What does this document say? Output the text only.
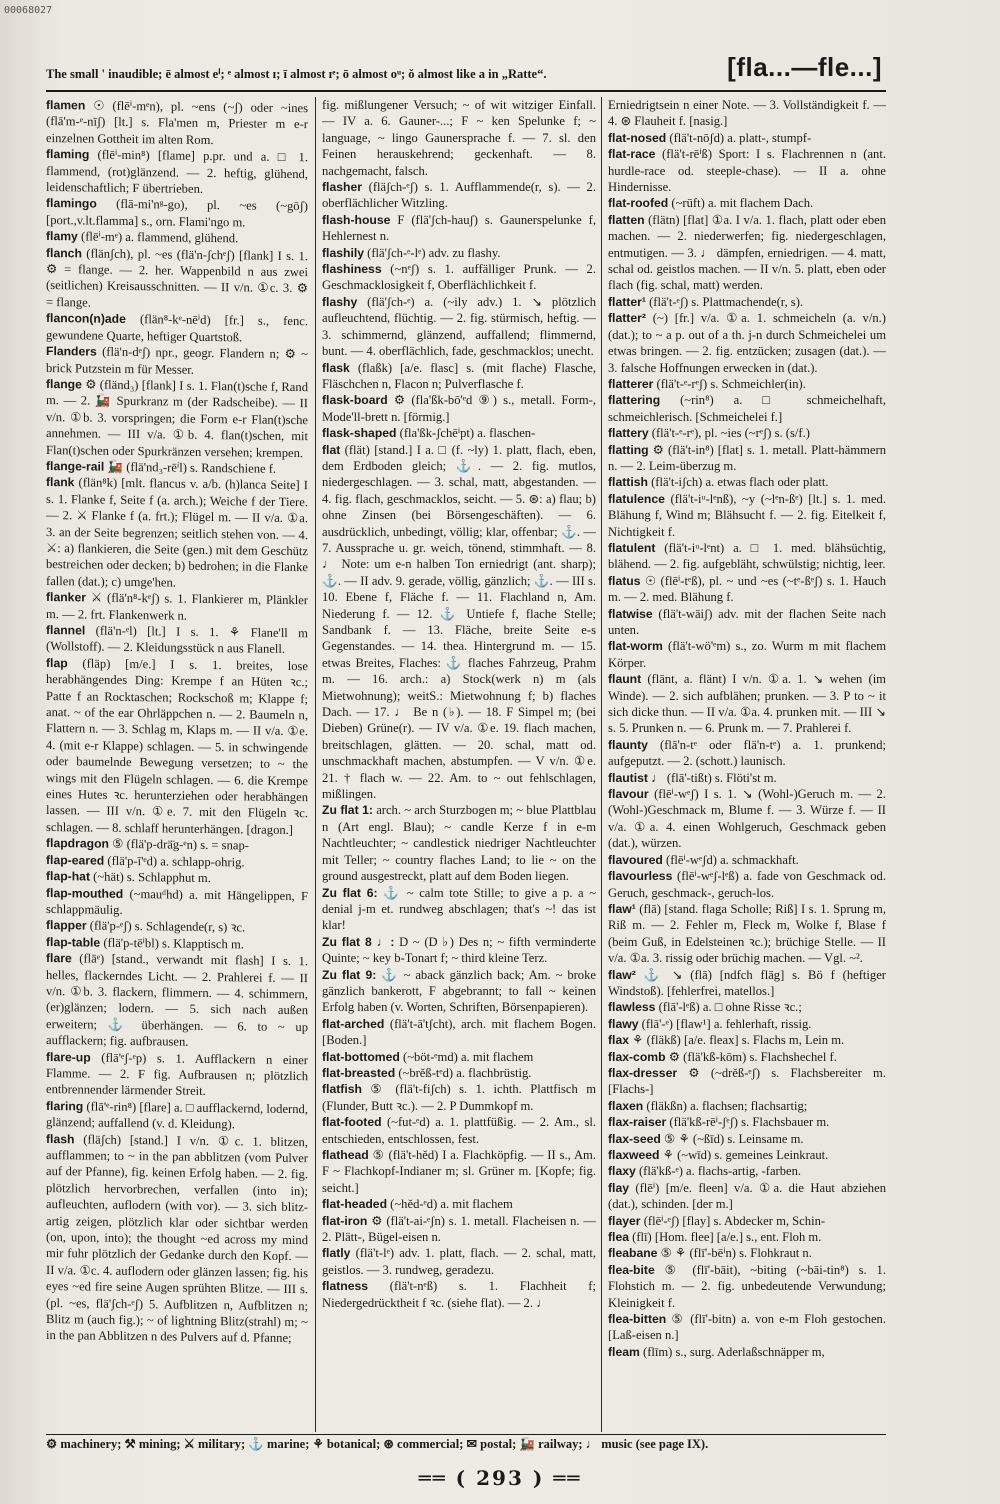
00068027
The small ' inaudible; ē almost eⁱ; ᵉ almost ɪ; ī almost ɪᵉ; ō almost oᵘ; ǒ almost like a in „Ratte“.	[fla...—fle...]

flamen ☉ (flēⁱ-mᵉn), pl. ~ens (~ʃ) oder ~ines (flā'm-ᵉ-nīʃ) [lt.] s. Fla'men m, Priester m e-r einzelnen Gottheit im alten Rom.

flaming (flēⁱ-min⁸) [flame] p.pr. und a. □ 1. flammend, (rot)glänzend. — 2. heftig, glühend, leidenschaftlich; F übertrieben.

flamingo (flā-mi'nᵍ-go), pl. ~es (~gōʃ) [port.,v.lt.flamma] s., orn. Flami'ngo m.

flamy (flēⁱ-mᵉ) a. flammend, glühend.

flanch (flänʃch), pl. ~es (flä'n-ʃchᵉʃ) [flank] I s. 1. ⚙ = flange. — 2. her. Wappenbild n aus zwei (seitlichen) Kreisausschnitten. — II v/n. ①c. 3. ⚙ = flange.

flancon(n)ade (flän⁸-kᵉ-nēⁱd) [fr.] s., fenc. gewundene Quarte, heftiger Quartstoß.

Flanders (flä'n-dᵉʃ) npr., geogr. Flandern n; ⚙ ~ brick Putzstein m für Messer.

flange ⚙ (fländ₃) [flank] I s. 1. Flan(t)sche f, Rand m. — 2. 🚂 Spurkranz m (der Radscheibe). — II v/n. ①b. 3. vorspringen; die Form e-r Flan(t)sche annehmen. — III v/a. ①b. 4. flan(t)schen, mit Flan(t)schen oder Spurkränzen versehen; krempen.

flange-rail 🚂 (flä'nd₃-rēⁱl) s. Randschiene f.

flank (flän⁸k) [mlt. flancus v. a/b. (h)lanca Seite] I s. 1. Flanke f, Seite f (a. arch.); Weiche f der Tiere. — 2. ⚔ Flanke f (a. frt.); Flügel m. — II v/a. ①a. 3. an der Seite begrenzen; seitlich stehen von. — 4. ⚔: a) flankieren, die Seite (gen.) mit dem Geschütz bestreichen oder decken; b) bedrohen; in die Flanke fallen (dat.); c) umge'hen.

flanker ⚔ (flä'n⁸-kᵉʃ) s. 1. Flankierer m, Plänkler m. — 2. frt. Flankenwerk n.

flannel (flä'n-ᵉl) [lt.] I s. 1. ⚘ Flane'll m (Wollstoff). — 2. Kleidungsstück n aus Flanell.

flap (fläp) [m/e.] I s. 1. breites, lose herabhängendes Ding: Krempe f an Hüten ꝛc.; Patte f an Rocktaschen; Rockschoß m; Klappe f; anat. ~ of the ear Ohrläppchen n. — 2. Baumeln n, Flattern n. — 3. Schlag m, Klaps m. — II v/a. ①e. 4. (mit e-r Klappe) schlagen. — 5. in schwingende oder baumelnde Bewegung versetzen; to ~ the wings mit den Flügeln schlagen. — 6. die Krempe eines Hutes ꝛc. herunterziehen oder herabhängen lassen. — III v/n. ①e. 7. mit den Flügeln ꝛc. schlagen. — 8. schlaff herunterhängen. [dragon.]

flapdragon ⑤ (flä'p-drä̈g-ᵉn) s. = snap-

flap-eared (flä'p-ī'ᵉd) a. schlapp-ohrig.

flap-hat (~hät) s. Schlapphut m.

flap-mouthed (~mauᵈhd) a. mit Hängelippen, F schlappmäulig.

flapper (flä'p-ᵉʃ) s. Schlagende(r, s) ꝛc.

flap-table (flä'p-tēⁱbl) s. Klapptisch m.

flare (flāᵉ) [stand., verwandt mit flash] I s. 1. helles, flackerndes Licht. — 2. Prahlerei f. — II v/n. ①b. 3. flackern, flimmern. — 4. schimmern, (er)glänzen; lodern. — 5. sich nach außen erweitern; ⚓ überhängen. — 6. to ~ up aufflackern; fig. aufbrausen.

flare-up (flā'ᵉʃ-ᵉp) s. 1. Aufflackern n einer Flamme. — 2. F fig. Aufbrausen n; plötzlich entbrennender lärmender Streit.

flaring (flā'ᵉ-rin⁸) [flare] a. □ aufflackernd, lodernd, glänzend; auffallend (v. d. Kleidung).

flash (fläʃch) [stand.] I v/n. ①c. 1. blitzen, aufflammen; to ~ in the pan abblitzen (vom Pulver auf der Pfanne), fig. keinen Erfolg haben. — 2. fig. plötzlich hervorbrechen, verfallen (into in); aufleuchten, auflodern (with vor). — 3. sich blitz-artig zeigen, plötzlich klar oder sichtbar werden (on, upon, into); the thought ~ed across my mind mir fuhr plötzlich der Gedanke durch den Kopf. — II v/a. ①c. 4. auflodern oder glänzen lassen; fig. his eyes ~ed fire seine Augen sprühten Blitze. — III s. (pl. ~es, flä'ʃch-ᵉʃ) 5. Aufblitzen n, Aufblitzen n; Blitz m (auch fig.); ~ of lightning Blitz(strahl) m; ~ in the pan Abblitzen n des Pulvers auf d. Pfanne;

fig. mißlungener Versuch; ~ of wit witziger Einfall. — IV a. 6. Gauner-...; F ~ ken Spelunke f; ~ language, ~ lingo Gaunersprache f. — 7. sl. den Feinen herauskehrend; geckenhaft. — 8. nachgemacht, falsch.

flasher (fläʃch-ᵉʃ) s. 1. Aufflammende(r, s). — 2. oberflächlicher Witzling.

flash-house F (flä'ʃch-hauʃ) s. Gaunerspelunke f, Hehlernest n.

flashily (flä'ʃch-ᵉ-lᵉ) adv. zu flashy.

flashiness (~nᵉʃ) s. 1. auffälliger Prunk. — 2. Geschmacklosigkeit f, Oberflächlichkeit f.

flashy (flä'ʃch-ᵉ) a. (~ily adv.) 1. ↘ plötzlich aufleuchtend, flüchtig. — 2. fig. stürmisch, heftig. — 3. schimmernd, glänzend, auffallend; flimmernd, bunt. — 4. oberflächlich, fade, geschmacklos; unecht.

flask (flaßk) [a/e. flasc] s. (mit flache) Flasche, Fläschchen n, Flacon n; Pulverflasche f.

flask-board ⚙ (fla'ßk-bō'ᵉd ⑨) s., metall. Form-, Mode'll-brett n. [förmig.]

flask-shaped (fla'ßk-ʃchēⁱpt) a. flaschen-

flat (flät) [stand.] I a. □ (f. ~ly) 1. platt, flach, eben, dem Erdboden gleich; ⚓. — 2. fig. mutlos, niedergeschlagen. — 3. schal, matt, abgestanden. — 4. fig. flach, geschmacklos, seicht. — 5. ⊛: a) flau; b) ohne Zinsen (bei Börsengeschäften). — 6. ausdrücklich, unbedingt, völlig; klar, offenbar; ⚓. — 7. Aussprache u. gr. weich, tönend, stimmhaft. — 8. ♩ Note: um e-n halben Ton erniedrigt (ant. sharp); ⚓. — II adv. 9. gerade, völlig, gänzlich; ⚓. — III s. 10. Ebene f, Fläche f. — 11. Flachland n, Am. Niederung f. — 12. ⚓ Untiefe f, flache Stelle; Sandbank f. — 13. Fläche, breite Seite e-s Gegenstandes. — 14. thea. Hintergrund m. — 15. etwas Breites, Flaches: ⚓ flaches Fahrzeug, Prahm m. — 16. arch.: a) Stock(werk n) m (als Mietwohnung); weitS.: Mietwohnung f; b) flaches Dach. — 17. ♩ Be n (♭). — 18. F Simpel m; (bei Dieben) Grüne(r). — IV v/a. ①e. 19. flach machen, breitschlagen, glätten. — 20. schal, matt od. unschmackhaft machen, abstumpfen. — V v/n. ①e. 21. † flach w. — 22. Am. to ~ out fehlschlagen, mißlingen.

Zu flat 1: arch. ~ arch Sturzbogen m; ~ blue Plattblau n (Art engl. Blau); ~ candle Kerze f in e-m Nachtleuchter; ~ candlestick niedriger Nachtleuchter mit Teller; ~ country flaches Land; to lie ~ on the ground ausgestreckt, platt auf dem Boden liegen.

Zu flat 6: ⚓ ~ calm tote Stille; to give a p. a ~ denial j-m et. rundweg abschlagen; that's ~! das ist klar!

Zu flat 8 ♩: D ~ (D ♭) Des n; ~ fifth verminderte Quinte; ~ key b-Tonart f; ~ third kleine Terz.

Zu flat 9: ⚓ ~ aback gänzlich back; Am. ~ broke gänzlich bankerott, F abgebrannt; to fall ~ keinen Erfolg haben (v. Worten, Schriften, Börsenpapieren).

flat-arched (flä't-ā'tʃcht), arch. mit flachem Bogen. [Boden.]

flat-bottomed (~böt-ᵉmd) a. mit flachem

flat-breasted (~brěß-tᵉd) a. flachbrüstig.

flatfish ⑤ (flä't-fiʃch) s. 1. ichth. Plattfisch m (Flunder, Butt ꝛc.). — 2. P Dummkopf m.

flat-footed (~fut-ᵉd) a. 1. plattfüßig. — 2. Am., sl. entschieden, entschlossen, fest.

flathead ⑤ (flä't-hěd) I a. Flachköpfig. — II s., Am. F ~ Flachkopf-Indianer m; sl. Grüner m. [Kopfe; fig. seicht.]

flat-headed (~hěd-ᵉd) a. mit flachem

flat-iron ⚙ (flä't-ai-ᵉʃn) s. 1. metall. Flacheisen n. — 2. Plätt-, Bügel-eisen n.

flatly (flä't-lᵉ) adv. 1. platt, flach. — 2. schal, matt, geistlos. — 3. rundweg, geradezu.

flatness (flä't-nᵉß) s. 1. Flachheit f; Niedergedrücktheit f ꝛc. (siehe flat). — 2. ♩

Erniedrigtsein n einer Note. — 3. Vollständigkeit f. — 4. ⊛ Flauheit f. [nasig.]

flat-nosed (flä't-nōʃd) a. platt-, stumpf-

flat-race (flä't-rēⁱß) Sport: I s. Flachrennen n (ant. hurdle-race od. steeple-chase). — II a. ohne Hindernisse.

flat-roofed (~rūft) a. mit flachem Dach.

flatten (flätn) [flat] ①a. I v/a. 1. flach, platt oder eben machen. — 2. niederwerfen; fig. niedergeschlagen, entmutigen. — 3. ♩ dämpfen, erniedrigen. — 4. matt, schal od. geistlos machen. — II v/n. 5. platt, eben oder flach (fig. schal, matt) werden.

flatter¹ (flä't-ᵉʃ) s. Plattmachende(r, s).

flatter² (~) [fr.] v/a. ①a. 1. schmeicheln (a. v/n.) (dat.); to ~ a p. out of a th. j-n durch Schmeichelei um etwas bringen. — 2. fig. entzücken; zusagen (dat.). — 3. falsche Hoffnungen erwecken in (dat.).

flatterer (flä't-ᵉ-rᵉʃ) s. Schmeichler(in).

flattering (~rin⁸) a. □ schmeichelhaft, schmeichlerisch. [Schmeichelei f.]

flattery (flä't-ᵉ-rᵉ), pl. ~ies (~rᵉʃ) s. (s/f.)

flatting ⚙ (flä't-in⁸) [flat] s. 1. metall. Platt-hämmern n. — 2. Leim-überzug m.

flattish (flä't-iʃch) a. etwas flach oder platt.

flatulence (flä't-iᵘ-lᵉnß), ~y (~lᵉn-ßᵉ) [lt.] s. 1. med. Blähung f, Wind m; Blähsucht f. — 2. fig. Eitelkeit f, Nichtigkeit f.

flatulent (flä't-iᵘ-lᵉnt) a. □ 1. med. blähsüchtig, blähend. — 2. fig. aufgebläht, schwülstig; nichtig, leer.

flatus ☉ (flēⁱ-tᵉß), pl. ~ und ~es (~tᵉ-ßᵉʃ) s. 1. Hauch m. — 2. med. Blähung f.

flatwise (flä't-wāiʃ) adv. mit der flachen Seite nach unten.

flat-worm (flä't-wö'ᵉm) s., zo. Wurm m mit flachem Körper.

flaunt (flānt, a. flänt) I v/n. ①a. 1. ↘ wehen (im Winde). — 2. sich aufblähen; prunken. — 3. P to ~ it sich dicke thun. — II v/a. ①a. 4. prunken mit. — III ↘ s. 5. Prunken n. — 6. Prunk m. — 7. Prahlerei f.

flaunty (flā'n-tᵉ oder flä'n-tᵉ) a. 1. prunkend; aufgeputzt. — 2. (schott.) launisch.

flautist ♩ (flā'-tißt) s. Flöti'st m.

flavour (flēⁱ-wᵉʃ) I s. 1. ↘ (Wohl-)Geruch m. — 2. (Wohl-)Geschmack m, Blume f. — 3. Würze f. — II v/a. ①a. 4. einen Wohlgeruch, Geschmack geben (dat.), würzen.

flavoured (flēⁱ-wᵉʃd) a. schmackhaft.

flavourless (flēⁱ-wᵉʃ-lᵉß) a. fade von Geschmack od. Geruch, geschmack-, geruch-los.

flaw¹ (flā) [stand. flaga Scholle; Riß] I s. 1. Sprung m, Riß m. — 2. Fehler m, Fleck m, Wolke f, Blase f (beim Guß, in Edelsteinen ꝛc.); brüchige Stelle. — II v/a. ①a. 3. rissig oder brüchig machen. — Vgl. ~².

flaw² ⚓ ↘ (flā) [ndfch flāg] s. Bö f (heftiger Windstoß). [fehlerfrei, matellos.]

flawless (flā'-lᵉß) a. □ ohne Risse ꝛc.;

flawy (flā'-ᵉ) [flaw¹] a. fehlerhaft, rissig.

flax ⚘ (fläkß) [a/e. fleax] s. Flachs m, Lein m.

flax-comb ⚙ (flä'kß-kōm) s. Flachshechel f.

flax-dresser ⚙ (~drěß-ᵉʃ) s. Flachsbereiter m. [Flachs-]

flaxen (fläkßn) a. flachsen; flachsartig;

flax-raiser (flä'kß-rēⁱ-ʃᵉʃ) s. Flachsbauer m.

flax-seed ⑤ ⚘ (~ßīd) s. Leinsame m.

flaxweed ⚘ (~wīd) s. gemeines Leinkraut.

flaxy (flä'kß-ᵉ) a. flachs-artig, -farben.

flay (flēⁱ) [m/e. fleen] v/a. ①a. die Haut abziehen (dat.), schinden. [der m.]

flayer (flēⁱ-ᵉʃ) [flay] s. Abdecker m, Schin-

flea (flī) [Hom. flee] [a/e.] s., ent. Floh m.

fleabane ⑤ ⚘ (flī'-bēⁱn) s. Flohkraut n.

flea-bite ⑤ (flī'-bāit), ~biting (~bāi-tin⁸) s. 1. Flohstich m. — 2. fig. unbedeutende Verwundung; Kleinigkeit f.

flea-bitten ⑤ (flī'-bitn) a. von e-m Floh gestochen. [Laß-eisen n.]

fleam (flīm) s., surg. Aderlaßschnäpper m,

⚙ machinery; ⚒ mining; ⚔ military; ⚓ marine; ⚘ botanical; ⊛ commercial; ✉ postal; 🚂 railway; ♩ music (see page IX).
══ ( 293 ) ══
